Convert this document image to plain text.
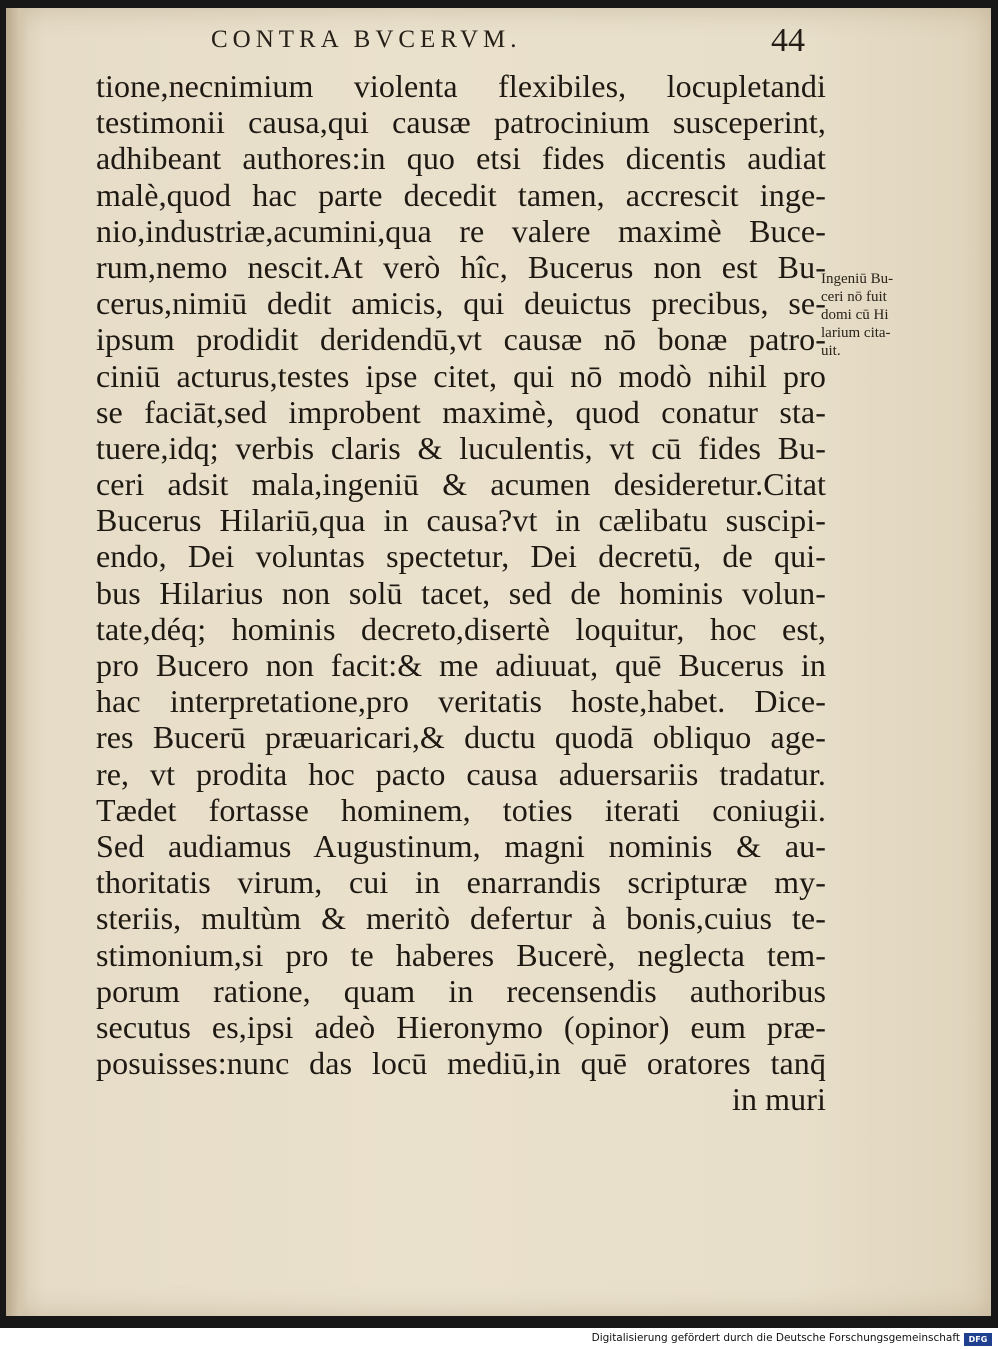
CONTRA BVCERVM.	44
tione,necnimium violenta flexibiles, locupletandi
testimonii causa,qui causæ patrocinium susceperint,
adhibeant authores:in quo etsi fides dicentis audiat
malè,quod hac parte decedit tamen, accrescit inge-
nio,industriæ,acumini,qua re valere maximè Buce-
rum,nemo nescit.At verò hîc, Bucerus non est Bu-
cerus,nimiū dedit amicis, qui deuictus precibus, se-
ipsum prodidit deridendū,vt causæ nō bonæ patro-
ciniū acturus,testes ipse citet, qui nō modò nihil pro
se faciāt,sed improbent maximè, quod conatur sta-
tuere,idq; verbis claris & luculentis, vt cū fides Bu-
ceri adsit mala,ingeniū & acumen desideretur.Citat
Bucerus Hilariū,qua in causa?vt in cælibatu suscipi-
endo, Dei voluntas spectetur, Dei decretū, de qui-
bus Hilarius non solū tacet, sed de hominis volun-
tate,déq; hominis decreto,disertè loquitur, hoc est,
pro Bucero non facit:& me adiuuat, quē Bucerus in
hac interpretatione,pro veritatis hoste,habet. Dice-
res Bucerū præuaricari,& ductu quodā obliquo age-
re, vt prodita hoc pacto causa aduersariis tradatur.
Tædet fortasse hominem, toties iterati coniugii.
Sed audiamus Augustinum, magni nominis & au-
thoritatis virum, cui in enarrandis scripturæ my-
steriis, multùm & meritò defertur à bonis,cuius te-
stimonium,si pro te haberes Bucerè, neglecta tem-
porum ratione, quam in recensendis authoribus
secutus es,ipsi adeò Hieronymo (opinor) eum præ-
posuisses:nunc das locū mediū,in quē oratores tanq̄
in muri
Ingeniū Bu-
ceri nō fuit
domi cū Hi
larium cita-
uit.
Digitalisierung gefördert durch die Deutsche Forschungsgemeinschaft	DFG
